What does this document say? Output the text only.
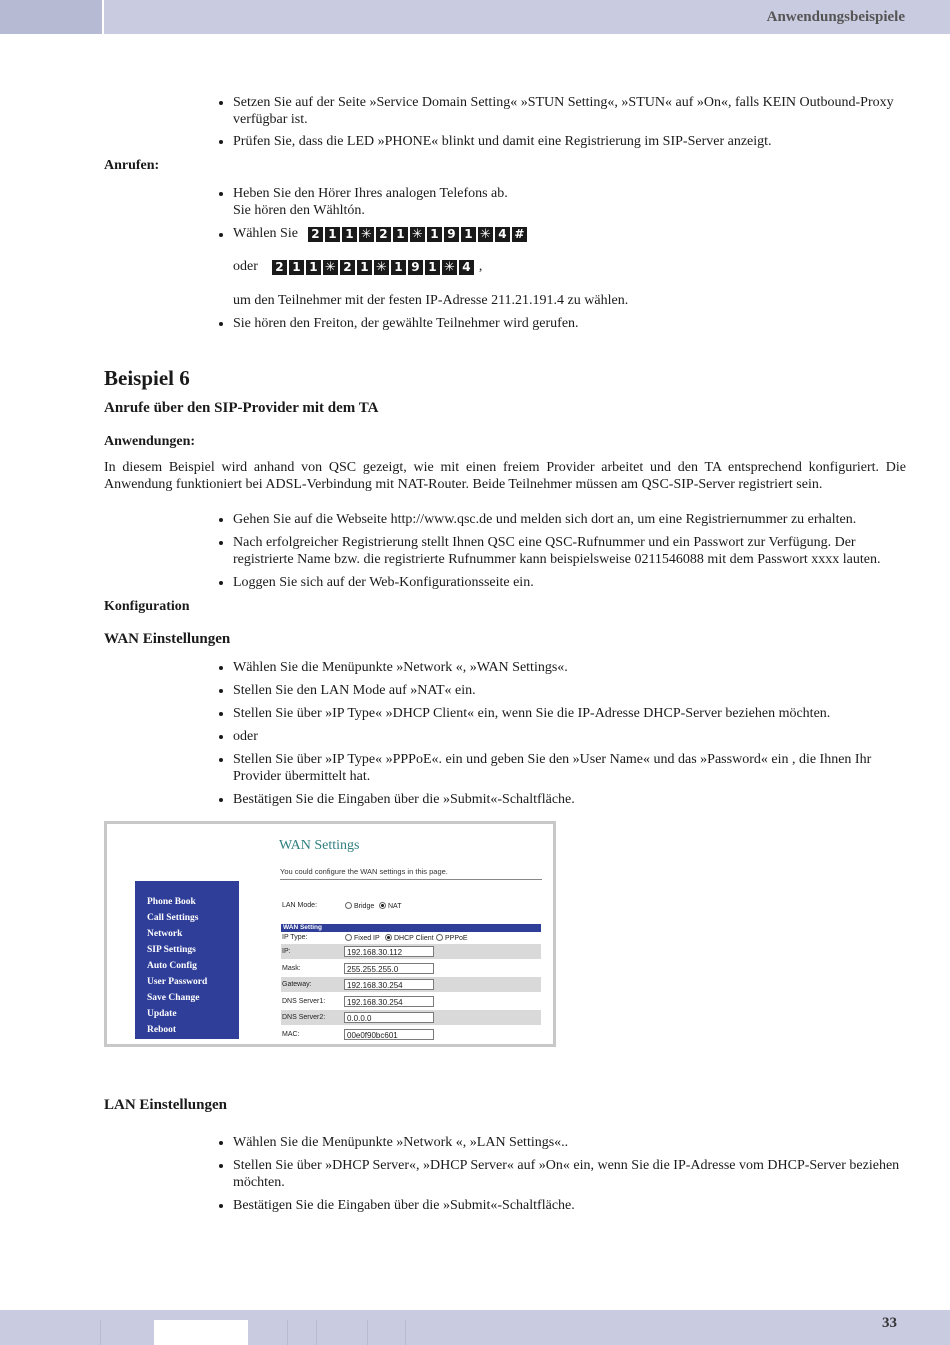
Anwendungsbeispiele
Setzen Sie auf der Seite »Service Domain Setting« »STUN Setting«, »STUN« auf »On«, falls KEIN Outbound-Proxy verfügbar ist.
Prüfen Sie, dass die LED »PHONE« blinkt und damit eine Registrierung im SIP-Server anzeigt.
Anrufen:
Heben Sie den Hörer Ihres analogen Telefons ab.
Sie hören den Wähltón.
Wählen Sie 2 1 1 ✳ 2 1 ✳ 1 9 1 ✳ 4 #
oder 2 1 1 ✳ 2 1 ✳ 1 9 1 ✳ 4 ,
um den Teilnehmer mit der festen IP-Adresse 211.21.191.4 zu wählen.
Sie hören den Freiton, der gewählte Teilnehmer wird gerufen.
Beispiel 6
Anrufe über den SIP-Provider mit dem TA
Anwendungen:
In diesem Beispiel wird anhand von QSC gezeigt, wie mit einen freiem Provider arbeitet und den TA entsprechend konfiguriert. Die Anwendung funktioniert bei ADSL-Verbindung mit NAT-Router. Beide Teilnehmer müssen am QSC-SIP-Server registriert sein.
Gehen Sie auf die Webseite http://www.qsc.de und melden sich dort an, um eine Registriernummer zu erhalten.
Nach erfolgreicher Registrierung stellt Ihnen QSC eine QSC-Rufnummer und ein Passwort zur Verfügung. Der registrierte Name bzw. die registrierte Rufnummer kann beispielsweise 0211546088 mit dem Passwort xxxx lauten.
Loggen Sie sich auf der Web-Konfigurationsseite ein.
Konfiguration
WAN Einstellungen
Wählen Sie die Menüpunkte »Network «, »WAN Settings«.
Stellen Sie den LAN Mode auf »NAT« ein.
Stellen Sie über »IP Type« »DHCP Client« ein, wenn Sie die IP-Adresse DHCP-Server beziehen möchten.
oder
Stellen Sie über »IP Type« »PPPoE«. ein und geben Sie den »User Name« und das »Password« ein , die Ihnen Ihr Provider übermittelt hat.
Bestätigen Sie die Eingaben über die »Submit«-Schaltfläche.
WAN Settings
You could configure the WAN settings in this page.
Phone Book
Call Settings
Network
SIP Settings
Auto Config
User Password
Save Change
Update
Reboot
LAN Mode:	Bridge	NAT
WAN Setting
IP Type:	Fixed IP	DHCP Client	PPPoE
IP:	192.168.30.112
Mask:	255.255.255.0
Gateway:	192.168.30.254
DNS Server1:	192.168.30.254
DNS Server2:	0.0.0.0
MAC:	00e0f90bc601
LAN Einstellungen
Wählen Sie die Menüpunkte »Network «, »LAN Settings«..
Stellen Sie über »DHCP Server«, »DHCP Server« auf »On« ein, wenn Sie die IP-Adresse vom DHCP-Server beziehen möchten.
Bestätigen Sie die Eingaben über die »Submit«-Schaltfläche.
33
